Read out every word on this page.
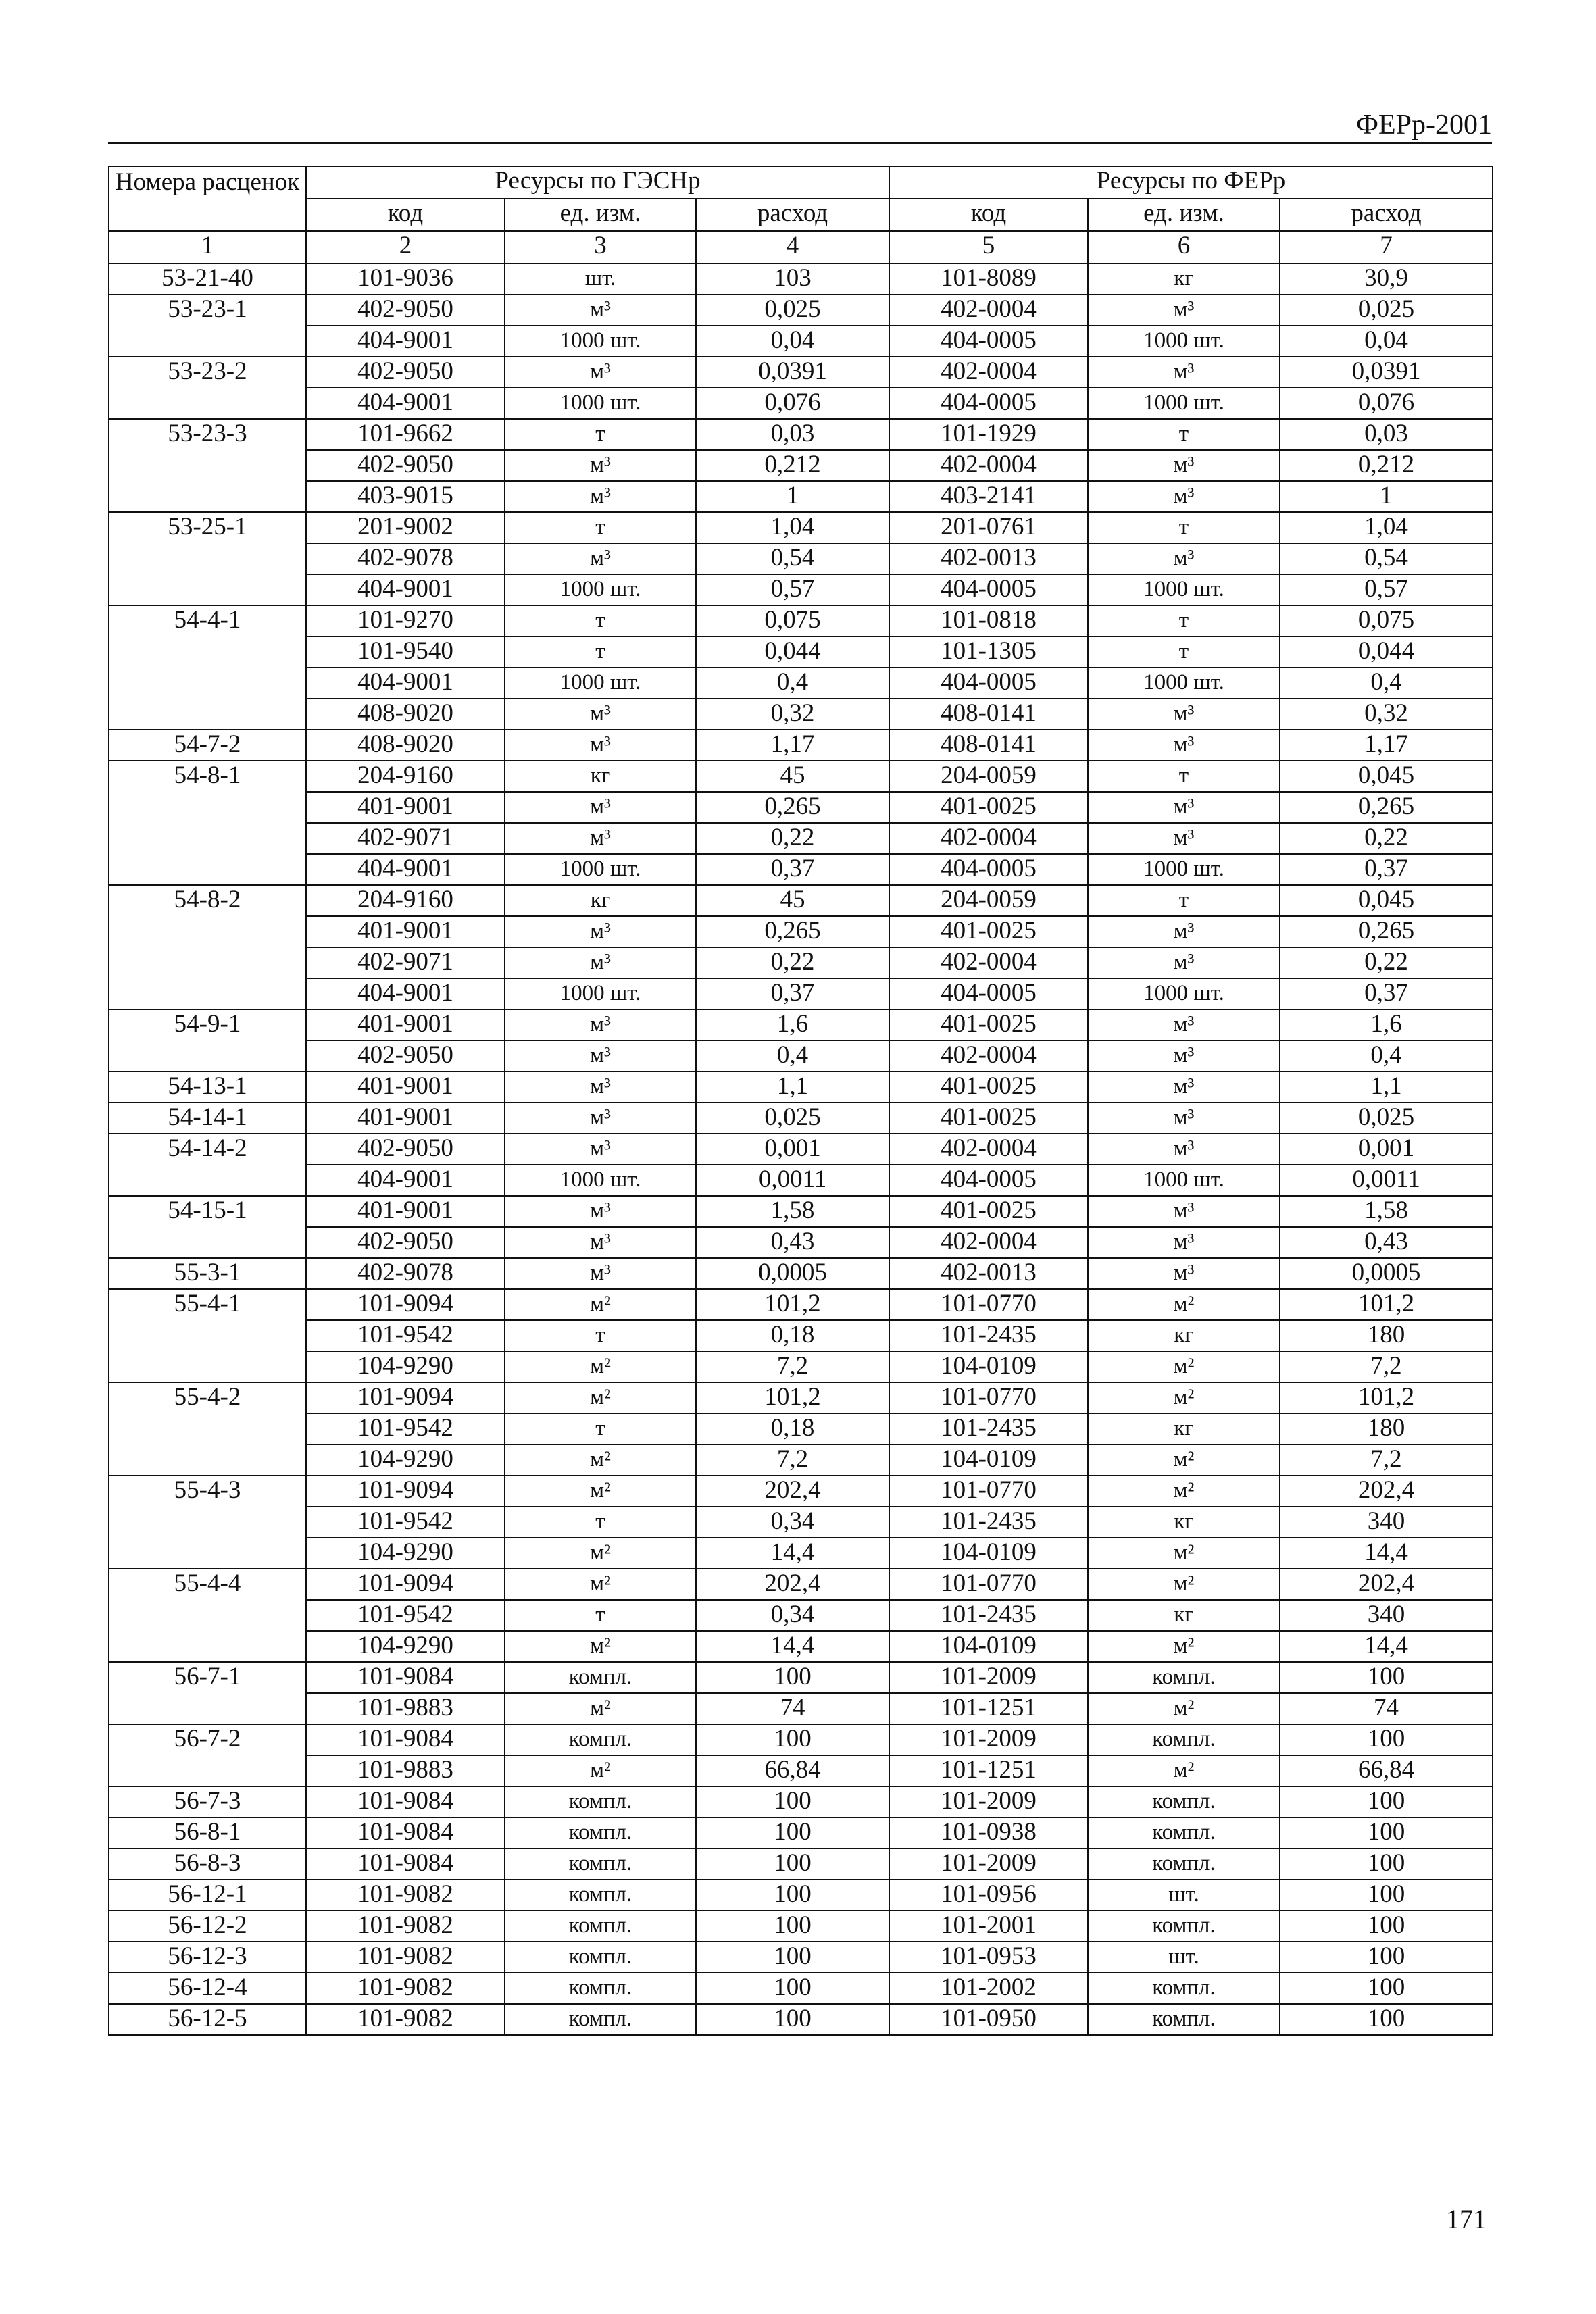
ФЕРр-2001
Номера расценок	Ресурсы по ГЭСНр			Ресурсы по ФЕРр		
	код	ед. изм.	расход	код	ед. изм.	расход
1	2	3	4	5	6	7
53-21-40	101-9036	шт.	103	101-8089	кг	30,9
53-23-1	402-9050	м³	0,025	402-0004	м³	0,025
	404-9001	1000 шт.	0,04	404-0005	1000 шт.	0,04
53-23-2	402-9050	м³	0,0391	402-0004	м³	0,0391
	404-9001	1000 шт.	0,076	404-0005	1000 шт.	0,076
53-23-3	101-9662	т	0,03	101-1929	т	0,03
	402-9050	м³	0,212	402-0004	м³	0,212
	403-9015	м³	1	403-2141	м³	1
53-25-1	201-9002	т	1,04	201-0761	т	1,04
	402-9078	м³	0,54	402-0013	м³	0,54
	404-9001	1000 шт.	0,57	404-0005	1000 шт.	0,57
54-4-1	101-9270	т	0,075	101-0818	т	0,075
	101-9540	т	0,044	101-1305	т	0,044
	404-9001	1000 шт.	0,4	404-0005	1000 шт.	0,4
	408-9020	м³	0,32	408-0141	м³	0,32
54-7-2	408-9020	м³	1,17	408-0141	м³	1,17
54-8-1	204-9160	кг	45	204-0059	т	0,045
	401-9001	м³	0,265	401-0025	м³	0,265
	402-9071	м³	0,22	402-0004	м³	0,22
	404-9001	1000 шт.	0,37	404-0005	1000 шт.	0,37
54-8-2	204-9160	кг	45	204-0059	т	0,045
	401-9001	м³	0,265	401-0025	м³	0,265
	402-9071	м³	0,22	402-0004	м³	0,22
	404-9001	1000 шт.	0,37	404-0005	1000 шт.	0,37
54-9-1	401-9001	м³	1,6	401-0025	м³	1,6
	402-9050	м³	0,4	402-0004	м³	0,4
54-13-1	401-9001	м³	1,1	401-0025	м³	1,1
54-14-1	401-9001	м³	0,025	401-0025	м³	0,025
54-14-2	402-9050	м³	0,001	402-0004	м³	0,001
	404-9001	1000 шт.	0,0011	404-0005	1000 шт.	0,0011
54-15-1	401-9001	м³	1,58	401-0025	м³	1,58
	402-9050	м³	0,43	402-0004	м³	0,43
55-3-1	402-9078	м³	0,0005	402-0013	м³	0,0005
55-4-1	101-9094	м²	101,2	101-0770	м²	101,2
	101-9542	т	0,18	101-2435	кг	180
	104-9290	м²	7,2	104-0109	м²	7,2
55-4-2	101-9094	м²	101,2	101-0770	м²	101,2
	101-9542	т	0,18	101-2435	кг	180
	104-9290	м²	7,2	104-0109	м²	7,2
55-4-3	101-9094	м²	202,4	101-0770	м²	202,4
	101-9542	т	0,34	101-2435	кг	340
	104-9290	м²	14,4	104-0109	м²	14,4
55-4-4	101-9094	м²	202,4	101-0770	м²	202,4
	101-9542	т	0,34	101-2435	кг	340
	104-9290	м²	14,4	104-0109	м²	14,4
56-7-1	101-9084	компл.	100	101-2009	компл.	100
	101-9883	м²	74	101-1251	м²	74
56-7-2	101-9084	компл.	100	101-2009	компл.	100
	101-9883	м²	66,84	101-1251	м²	66,84
56-7-3	101-9084	компл.	100	101-2009	компл.	100
56-8-1	101-9084	компл.	100	101-0938	компл.	100
56-8-3	101-9084	компл.	100	101-2009	компл.	100
56-12-1	101-9082	компл.	100	101-0956	шт.	100
56-12-2	101-9082	компл.	100	101-2001	компл.	100
56-12-3	101-9082	компл.	100	101-0953	шт.	100
56-12-4	101-9082	компл.	100	101-2002	компл.	100
56-12-5	101-9082	компл.	100	101-0950	компл.	100
171
